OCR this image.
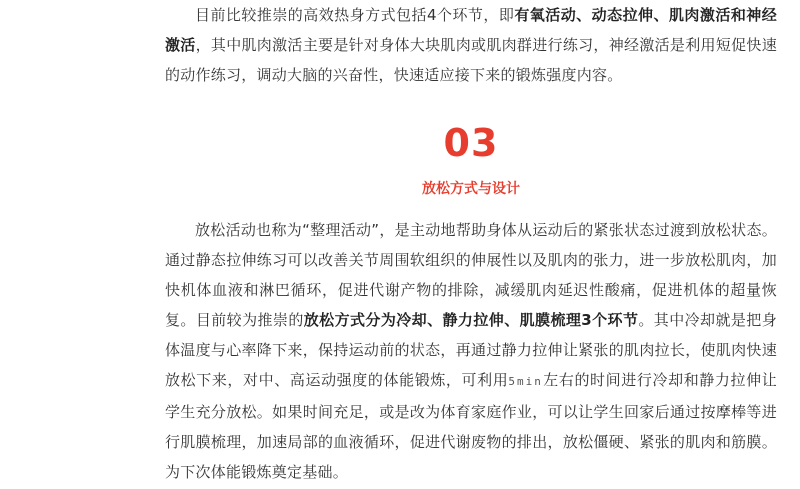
目前比较推崇的高效热身方式包括4个环节，即有氧活动、动态拉伸、肌肉激活和神经激活，其中肌肉激活主要是针对身体大块肌肉或肌肉群进行练习，神经激活是利用短促快速的动作练习，调动大脑的兴奋性，快速适应接下来的锻炼强度内容。

03
放松方式与设计

放松活动也称为“整理活动”，是主动地帮助身体从运动后的紧张状态过渡到放松状态。通过静态拉伸练习可以改善关节周围软组织的伸展性以及肌肉的张力，进一步放松肌肉，加快机体血液和淋巴循环，促进代谢产物的排除，减缓肌肉延迟性酸痛，促进机体的超量恢复。目前较为推崇的放松方式分为冷却、静力拉伸、肌膜梳理3个环节。其中冷却就是把身体温度与心率降下来，保持运动前的状态，再通过静力拉伸让紧张的肌肉拉长，使肌肉快速放松下来，对中、高运动强度的体能锻炼，可利用5min左右的时间进行冷却和静力拉伸让学生充分放松。如果时间充足，或是改为体育家庭作业，可以让学生回家后通过按摩棒等进行肌膜梳理，加速局部的血液循环，促进代谢废物的排出，放松僵硬、紧张的肌肉和筋膜。为下次体能锻炼奠定基础。
